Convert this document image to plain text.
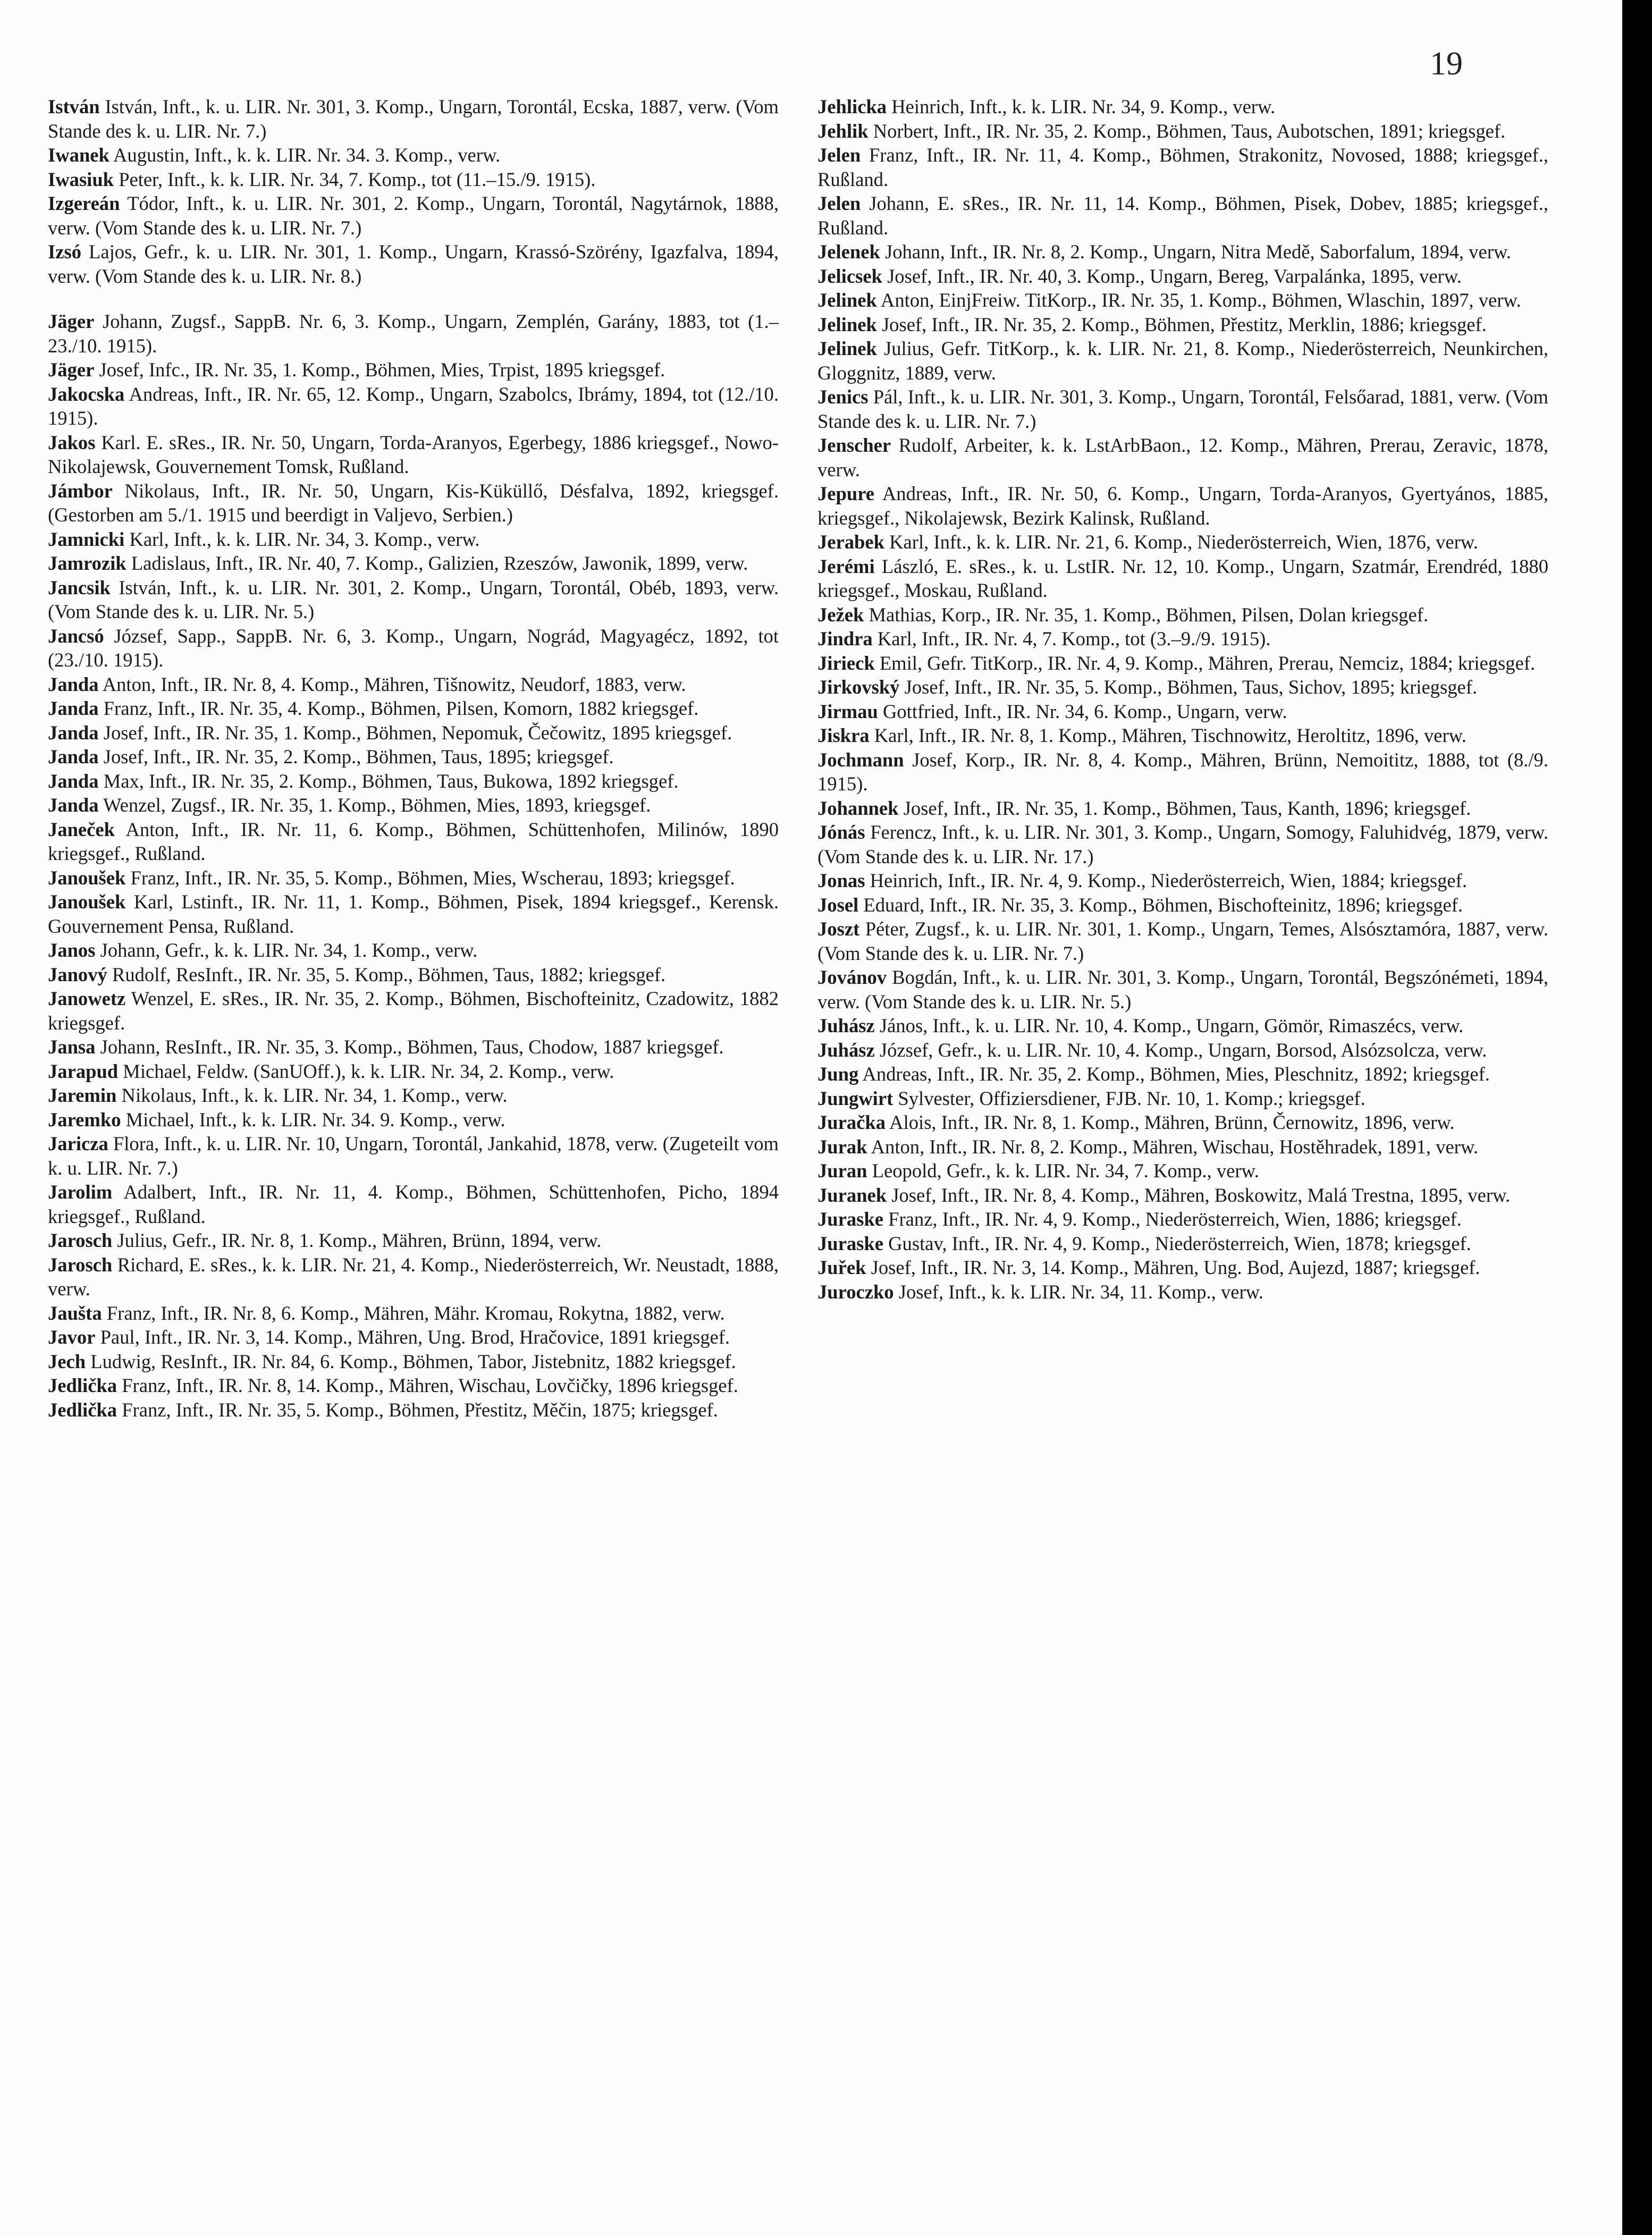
19

István István, Inft., k. u. LIR. Nr. 301, 3. Komp., Ungarn, Torontál, Ecska, 1887, verw. (Vom Stande des k. u. LIR. Nr. 7.)

Iwanek Augustin, Inft., k. k. LIR. Nr. 34. 3. Komp., verw.

Iwasiuk Peter, Inft., k. k. LIR. Nr. 34, 7. Komp., tot (11.–15./9. 1915).

Izgereán Tódor, Inft., k. u. LIR. Nr. 301, 2. Komp., Ungarn, Torontál, Nagytárnok, 1888, verw. (Vom Stande des k. u. LIR. Nr. 7.)

Izsó Lajos, Gefr., k. u. LIR. Nr. 301, 1. Komp., Ungarn, Krassó-Szörény, Igazfalva, 1894, verw. (Vom Stande des k. u. LIR. Nr. 8.)

Jäger Johann, Zugsf., SappB. Nr. 6, 3. Komp., Ungarn, Zemplén, Garány, 1883, tot (1.–23./10. 1915).

Jäger Josef, Infc., IR. Nr. 35, 1. Komp., Böhmen, Mies, Trpist, 1895 kriegsgef.

Jakocska Andreas, Inft., IR. Nr. 65, 12. Komp., Ungarn, Szabolcs, Ibrámy, 1894, tot (12./10. 1915).

Jakos Karl. E. sRes., IR. Nr. 50, Ungarn, Torda-Aranyos, Egerbegy, 1886 kriegsgef., Nowo-Nikolajewsk, Gouvernement Tomsk, Rußland.

Jámbor Nikolaus, Inft., IR. Nr. 50, Ungarn, Kis-Küküllő, Désfalva, 1892, kriegsgef. (Gestorben am 5./1. 1915 und beerdigt in Valjevo, Serbien.)

Jamnicki Karl, Inft., k. k. LIR. Nr. 34, 3. Komp., verw.

Jamrozik Ladislaus, Inft., IR. Nr. 40, 7. Komp., Galizien, Rzeszów, Jawonik, 1899, verw.

Jancsik István, Inft., k. u. LIR. Nr. 301, 2. Komp., Ungarn, Torontál, Obéb, 1893, verw. (Vom Stande des k. u. LIR. Nr. 5.)

Jancsó József, Sapp., SappB. Nr. 6, 3. Komp., Ungarn, Nográd, Magyagécz, 1892, tot (23./10. 1915).

Janda Anton, Inft., IR. Nr. 8, 4. Komp., Mähren, Tišnowitz, Neudorf, 1883, verw.

Janda Franz, Inft., IR. Nr. 35, 4. Komp., Böhmen, Pilsen, Komorn, 1882 kriegsgef.

Janda Josef, Inft., IR. Nr. 35, 1. Komp., Böhmen, Nepomuk, Čečowitz, 1895 kriegsgef.

Janda Josef, Inft., IR. Nr. 35, 2. Komp., Böhmen, Taus, 1895; kriegsgef.

Janda Max, Inft., IR. Nr. 35, 2. Komp., Böhmen, Taus, Bukowa, 1892 kriegsgef.

Janda Wenzel, Zugsf., IR. Nr. 35, 1. Komp., Böhmen, Mies, 1893, kriegsgef.

Janeček Anton, Inft., IR. Nr. 11, 6. Komp., Böhmen, Schüttenhofen, Milinów, 1890 kriegsgef., Rußland.

Janoušek Franz, Inft., IR. Nr. 35, 5. Komp., Böhmen, Mies, Wscherau, 1893; kriegsgef.

Janoušek Karl, Lstinft., IR. Nr. 11, 1. Komp., Böhmen, Pisek, 1894 kriegsgef., Kerensk. Gouvernement Pensa, Rußland.

Janos Johann, Gefr., k. k. LIR. Nr. 34, 1. Komp., verw.

Janový Rudolf, ResInft., IR. Nr. 35, 5. Komp., Böhmen, Taus, 1882; kriegsgef.

Janowetz Wenzel, E. sRes., IR. Nr. 35, 2. Komp., Böhmen, Bischofteinitz, Czadowitz, 1882 kriegsgef.

Jansa Johann, ResInft., IR. Nr. 35, 3. Komp., Böhmen, Taus, Chodow, 1887 kriegsgef.

Jarapud Michael, Feldw. (SanUOff.), k. k. LIR. Nr. 34, 2. Komp., verw.

Jaremin Nikolaus, Inft., k. k. LIR. Nr. 34, 1. Komp., verw.

Jaremko Michael, Inft., k. k. LIR. Nr. 34. 9. Komp., verw.

Jaricza Flora, Inft., k. u. LIR. Nr. 10, Ungarn, Torontál, Jankahid, 1878, verw. (Zugeteilt vom k. u. LIR. Nr. 7.)

Jarolim Adalbert, Inft., IR. Nr. 11, 4. Komp., Böhmen, Schüttenhofen, Picho, 1894 kriegsgef., Rußland.

Jarosch Julius, Gefr., IR. Nr. 8, 1. Komp., Mähren, Brünn, 1894, verw.

Jarosch Richard, E. sRes., k. k. LIR. Nr. 21, 4. Komp., Niederösterreich, Wr. Neustadt, 1888, verw.

Jaušta Franz, Inft., IR. Nr. 8, 6. Komp., Mähren, Mähr. Kromau, Rokytna, 1882, verw.

Javor Paul, Inft., IR. Nr. 3, 14. Komp., Mähren, Ung. Brod, Hračovice, 1891 kriegsgef.

Jech Ludwig, ResInft., IR. Nr. 84, 6. Komp., Böhmen, Tabor, Jistebnitz, 1882 kriegsgef.

Jedlička Franz, Inft., IR. Nr. 8, 14. Komp., Mähren, Wischau, Lovčičky, 1896 kriegsgef.

Jedlička Franz, Inft., IR. Nr. 35, 5. Komp., Böhmen, Přestitz, Měčin, 1875; kriegsgef.

Jehlicka Heinrich, Inft., k. k. LIR. Nr. 34, 9. Komp., verw.

Jehlik Norbert, Inft., IR. Nr. 35, 2. Komp., Böhmen, Taus, Aubotschen, 1891; kriegsgef.

Jelen Franz, Inft., IR. Nr. 11, 4. Komp., Böhmen, Strakonitz, Novosed, 1888; kriegsgef., Rußland.

Jelen Johann, E. sRes., IR. Nr. 11, 14. Komp., Böhmen, Pisek, Dobev, 1885; kriegsgef., Rußland.

Jelenek Johann, Inft., IR. Nr. 8, 2. Komp., Ungarn, Nitra Medě, Saborfalum, 1894, verw.

Jelicsek Josef, Inft., IR. Nr. 40, 3. Komp., Ungarn, Bereg, Varpalánka, 1895, verw.

Jelinek Anton, EinjFreiw. TitKorp., IR. Nr. 35, 1. Komp., Böhmen, Wlaschin, 1897, verw.

Jelinek Josef, Inft., IR. Nr. 35, 2. Komp., Böhmen, Přestitz, Merklin, 1886; kriegsgef.

Jelinek Julius, Gefr. TitKorp., k. k. LIR. Nr. 21, 8. Komp., Niederösterreich, Neunkirchen, Gloggnitz, 1889, verw.

Jenics Pál, Inft., k. u. LIR. Nr. 301, 3. Komp., Ungarn, Torontál, Felsőarad, 1881, verw. (Vom Stande des k. u. LIR. Nr. 7.)

Jenscher Rudolf, Arbeiter, k. k. LstArbBaon., 12. Komp., Mähren, Prerau, Zeravic, 1878, verw.

Jepure Andreas, Inft., IR. Nr. 50, 6. Komp., Ungarn, Torda-Aranyos, Gyertyános, 1885, kriegsgef., Nikolajewsk, Bezirk Kalinsk, Rußland.

Jerabek Karl, Inft., k. k. LIR. Nr. 21, 6. Komp., Niederösterreich, Wien, 1876, verw.

Jerémi László, E. sRes., k. u. LstIR. Nr. 12, 10. Komp., Ungarn, Szatmár, Erendréd, 1880 kriegsgef., Moskau, Rußland.

Ježek Mathias, Korp., IR. Nr. 35, 1. Komp., Böhmen, Pilsen, Dolan kriegsgef.

Jindra Karl, Inft., IR. Nr. 4, 7. Komp., tot (3.–9./9. 1915).

Jirieck Emil, Gefr. TitKorp., IR. Nr. 4, 9. Komp., Mähren, Prerau, Nemciz, 1884; kriegsgef.

Jirkovský Josef, Inft., IR. Nr. 35, 5. Komp., Böhmen, Taus, Sichov, 1895; kriegsgef.

Jirmau Gottfried, Inft., IR. Nr. 34, 6. Komp., Ungarn, verw.

Jiskra Karl, Inft., IR. Nr. 8, 1. Komp., Mähren, Tischnowitz, Heroltitz, 1896, verw.

Jochmann Josef, Korp., IR. Nr. 8, 4. Komp., Mähren, Brünn, Nemoititz, 1888, tot (8./9. 1915).

Johannek Josef, Inft., IR. Nr. 35, 1. Komp., Böhmen, Taus, Kanth, 1896; kriegsgef.

Jónás Ferencz, Inft., k. u. LIR. Nr. 301, 3. Komp., Ungarn, Somogy, Faluhidvég, 1879, verw. (Vom Stande des k. u. LIR. Nr. 17.)

Jonas Heinrich, Inft., IR. Nr. 4, 9. Komp., Niederösterreich, Wien, 1884; kriegsgef.

Josel Eduard, Inft., IR. Nr. 35, 3. Komp., Böhmen, Bischofteinitz, 1896; kriegsgef.

Joszt Péter, Zugsf., k. u. LIR. Nr. 301, 1. Komp., Ungarn, Temes, Alsósztamóra, 1887, verw. (Vom Stande des k. u. LIR. Nr. 7.)

Jovánov Bogdán, Inft., k. u. LIR. Nr. 301, 3. Komp., Ungarn, Torontál, Begszónémeti, 1894, verw. (Vom Stande des k. u. LIR. Nr. 5.)

Juhász János, Inft., k. u. LIR. Nr. 10, 4. Komp., Ungarn, Gömör, Rimaszécs, verw.

Juhász József, Gefr., k. u. LIR. Nr. 10, 4. Komp., Ungarn, Borsod, Alsózsolcza, verw.

Jung Andreas, Inft., IR. Nr. 35, 2. Komp., Böhmen, Mies, Pleschnitz, 1892; kriegsgef.

Jungwirt Sylvester, Offiziersdiener, FJB. Nr. 10, 1. Komp.; kriegsgef.

Juračka Alois, Inft., IR. Nr. 8, 1. Komp., Mähren, Brünn, Černowitz, 1896, verw.

Jurak Anton, Inft., IR. Nr. 8, 2. Komp., Mähren, Wischau, Hostěhradek, 1891, verw.

Juran Leopold, Gefr., k. k. LIR. Nr. 34, 7. Komp., verw.

Juranek Josef, Inft., IR. Nr. 8, 4. Komp., Mähren, Boskowitz, Malá Trestna, 1895, verw.

Juraske Franz, Inft., IR. Nr. 4, 9. Komp., Niederösterreich, Wien, 1886; kriegsgef.

Juraske Gustav, Inft., IR. Nr. 4, 9. Komp., Niederösterreich, Wien, 1878; kriegsgef.

Juřek Josef, Inft., IR. Nr. 3, 14. Komp., Mähren, Ung. Bod, Aujezd, 1887; kriegsgef.

Juroczko Josef, Inft., k. k. LIR. Nr. 34, 11. Komp., verw.
